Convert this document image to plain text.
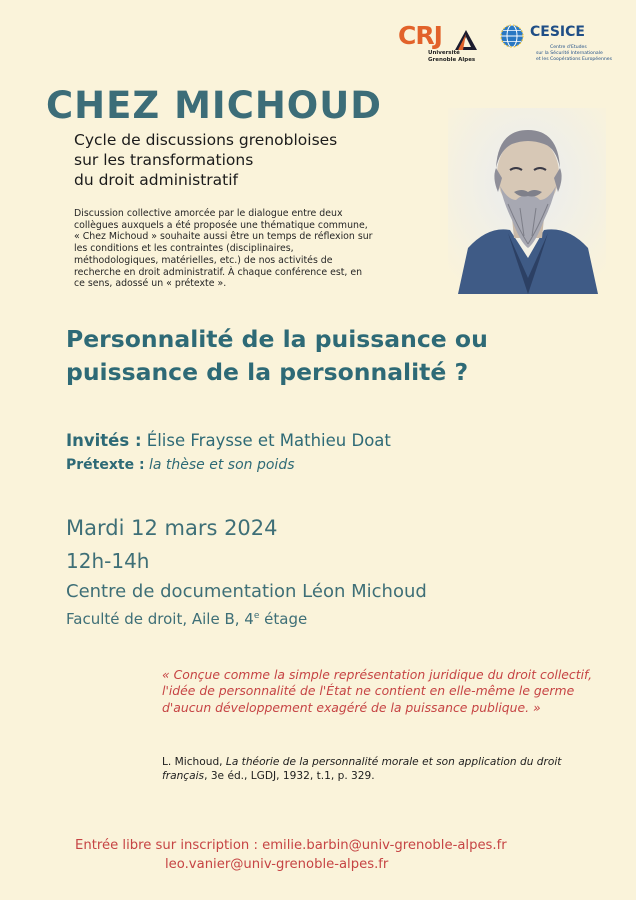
CRJ
Université
Grenoble Alpes
CESICE
Centre d'Etudes
sur la Sécurité Internationale
et les Coopérations Européennes
CHEZ MICHOUD
Cycle de discussions grenobloises
sur les transformations
du droit administratif

Discussion collective amorcée par le dialogue entre deux collègues auxquels a été proposée une thématique commune, « Chez Michoud » souhaite aussi être un temps de réflexion sur les conditions et les contraintes (disciplinaires, méthodologiques, matérielles, etc.) de nos activités de recherche en droit administratif. À chaque conférence est, en ce sens, adossé un « prétexte ».

Personnalité de la puissance ou
puissance de la personnalité ?
Invités : Élise Fraysse et Mathieu Doat
Prétexte : la thèse et son poids
Mardi 12 mars 2024
12h-14h
Centre de documentation Léon Michoud
Faculté de droit, Aile B, 4e étage

« Conçue comme la simple représentation juridique du droit collectif, l'idée de personnalité de l'État ne contient en elle-même le germe d'aucun développement exagéré de la puissance publique. »

L. Michoud, La théorie de la personnalité morale et son application du droit français, 3e éd., LGDJ, 1932, t.1, p. 329.

Entrée libre sur inscription : emilie.barbin@univ-grenoble-alpes.fr
leo.vanier@univ-grenoble-alpes.fr
